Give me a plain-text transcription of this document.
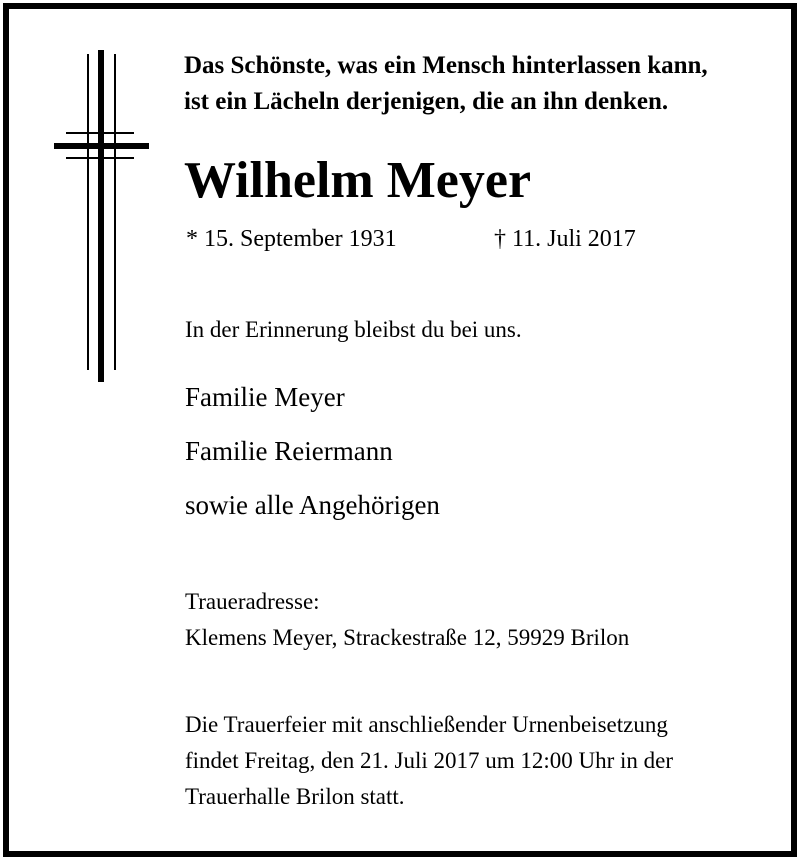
Das Schönste, was ein Mensch hinterlassen kann,
ist ein Lächeln derjenigen, die an ihn denken.
Wilhelm Meyer
* 15. September 1931	† 11. Juli 2017
In der Erinnerung bleibst du bei uns.
Familie Meyer
Familie Reiermann
sowie alle Angehörigen
Traueradresse:
Klemens Meyer, Strackestraße 12, 59929 Brilon
Die Trauerfeier mit anschließender Urnenbeisetzung
findet Freitag, den 21. Juli 2017 um 12:00 Uhr in der
Trauerhalle Brilon statt.
